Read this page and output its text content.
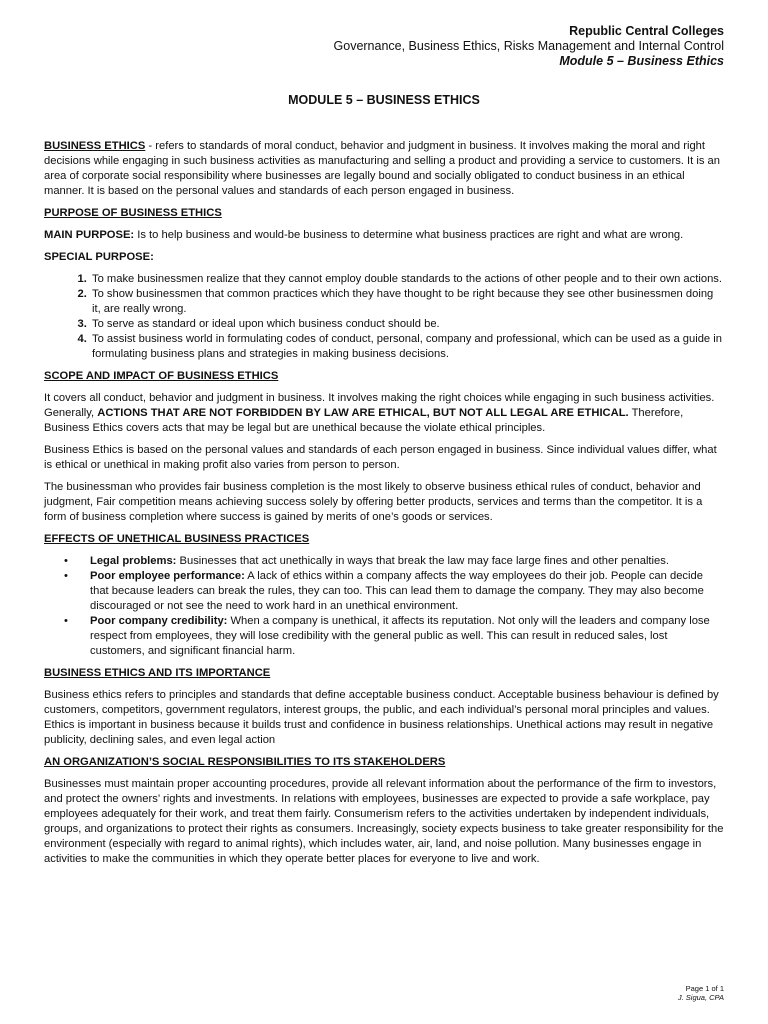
Republic Central Colleges
Governance, Business Ethics, Risks Management and Internal Control
Module 5 – Business Ethics
MODULE 5 – BUSINESS ETHICS

BUSINESS ETHICS - refers to standards of moral conduct, behavior and judgment in business. It involves making the moral and right decisions while engaging in such business activities as manufacturing and selling a product and providing a service to customers. It is an area of corporate social responsibility where businesses are legally bound and socially obligated to conduct business in an ethical manner. It is based on the personal values and standards of each person engaged in business.

PURPOSE OF BUSINESS ETHICS

MAIN PURPOSE: Is to help business and would-be business to determine what business practices are right and what are wrong.

SPECIAL PURPOSE:

1. To make businessmen realize that they cannot employ double standards to the actions of other people and to their own actions.
2. To show businessmen that common practices which they have thought to be right because they see other businessmen doing it, are really wrong.
3. To serve as standard or ideal upon which business conduct should be.
4. To assist business world in formulating codes of conduct, personal, company and professional, which can be used as a guide in formulating business plans and strategies in making business decisions.
SCOPE AND IMPACT OF BUSINESS ETHICS

It covers all conduct, behavior and judgment in business. It involves making the right choices while engaging in such business activities. Generally, ACTIONS THAT ARE NOT FORBIDDEN BY LAW ARE ETHICAL, BUT NOT ALL LEGAL ARE ETHICAL. Therefore, Business Ethics covers acts that may be legal but are unethical because the violate ethical principles.

Business Ethics is based on the personal values and standards of each person engaged in business. Since individual values differ, what is ethical or unethical in making profit also varies from person to person.

The businessman who provides fair business completion is the most likely to observe business ethical rules of conduct, behavior and judgment, Fair competition means achieving success solely by offering better products, services and terms than the competitor. It is a form of business completion where success is gained by merits of one’s goods or services.

EFFECTS OF UNETHICAL BUSINESS PRACTICES
• Legal problems: Businesses that act unethically in ways that break the law may face large fines and other penalties.
• Poor employee performance: A lack of ethics within a company affects the way employees do their job. People can decide that because leaders can break the rules, they can too. This can lead them to damage the company. They may also become discouraged or not see the need to work hard in an unethical environment.
• Poor company credibility: When a company is unethical, it affects its reputation. Not only will the leaders and company lose respect from employees, they will lose credibility with the general public as well. This can result in reduced sales, lost customers, and significant financial harm.
BUSINESS ETHICS AND ITS IMPORTANCE

Business ethics refers to principles and standards that define acceptable business conduct. Acceptable business behaviour is defined by customers, competitors, government regulators, interest groups, the public, and each individual’s personal moral principles and values. Ethics is important in business because it builds trust and confidence in business relationships. Unethical actions may result in negative publicity, declining sales, and even legal action

AN ORGANIZATION’S SOCIAL RESPONSIBILITIES TO ITS STAKEHOLDERS

Businesses must maintain proper accounting procedures, provide all relevant information about the performance of the firm to investors, and protect the owners’ rights and investments. In relations with employees, businesses are expected to provide a safe workplace, pay employees adequately for their work, and treat them fairly. Consumerism refers to the activities undertaken by independent individuals, groups, and organizations to protect their rights as consumers. Increasingly, society expects business to take greater responsibility for the environment (especially with regard to animal rights), which includes water, air, land, and noise pollution. Many businesses engage in activities to make the communities in which they operate better places for everyone to live and work.

Page 1 of 1
J. Sigua, CPA
